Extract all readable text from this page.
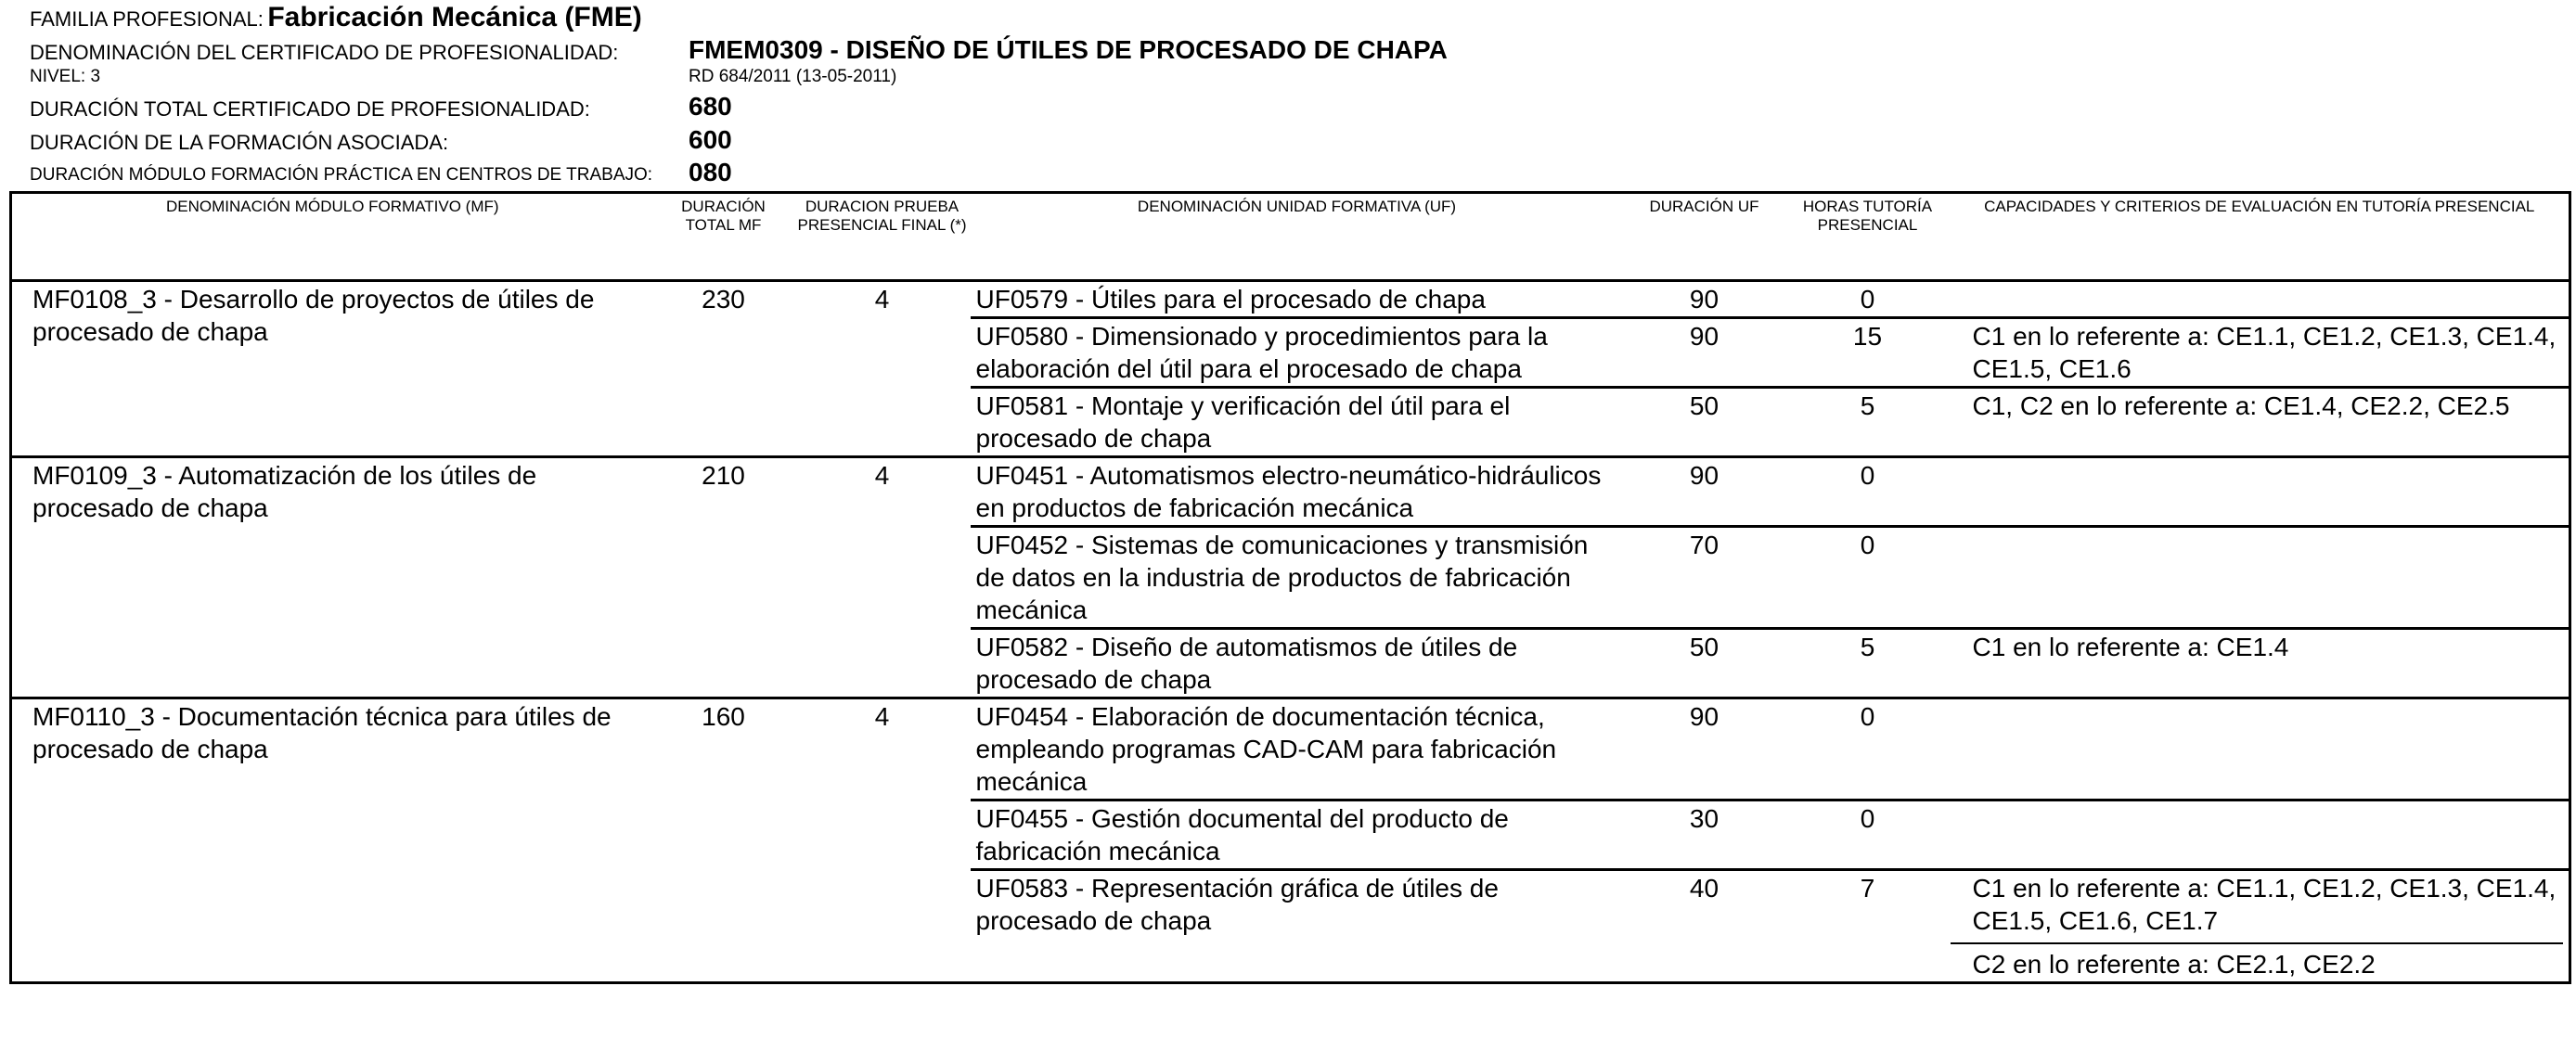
FAMILIA PROFESIONAL: Fabricación Mecánica (FME)
DENOMINACIÓN DEL CERTIFICADO DE PROFESIONALIDAD:	FMEM0309 - DISEÑO DE ÚTILES DE PROCESADO DE CHAPA
NIVEL: 3	RD 684/2011 (13-05-2011)
DURACIÓN TOTAL CERTIFICADO DE PROFESIONALIDAD:	680
DURACIÓN DE LA FORMACIÓN ASOCIADA:	600
DURACIÓN MÓDULO FORMACIÓN PRÁCTICA EN CENTROS DE TRABAJO: 080
DENOMINACIÓN MÓDULO FORMATIVO (MF)	DURACIÓN TOTAL MF	DURACION PRUEBA PRESENCIAL FINAL (*)	DENOMINACIÓN UNIDAD FORMATIVA (UF)	DURACIÓN UF	HORAS TUTORÍA PRESENCIAL	CAPACIDADES Y CRITERIOS DE EVALUACIÓN EN TUTORÍA PRESENCIAL
MF0108_3 - Desarrollo de proyectos de útiles de procesado de chapa	230	4	UF0579 - Útiles para el procesado de chapa	90	0	
			UF0580 - Dimensionado y procedimientos para la elaboración del útil para el procesado de chapa	90	15	C1 en lo referente a: CE1.1, CE1.2, CE1.3, CE1.4, CE1.5, CE1.6

			UF0581 - Montaje y verificación del útil para el procesado de chapa	50	5	C1, C2 en lo referente a: CE1.4, CE2.2, CE2.5

MF0109_3 - Automatización de los útiles de procesado de chapa	210	4	UF0451 - Automatismos electro-neumático-hidráulicos en productos de fabricación mecánica	90	0	
			UF0452 - Sistemas de comunicaciones y transmisión de datos en la industria de productos de fabricación mecánica	70	0	
			UF0582 - Diseño de automatismos de útiles de procesado de chapa	50	5	C1 en lo referente a: CE1.4

MF0110_3 - Documentación técnica para útiles de procesado de chapa	160	4	UF0454 - Elaboración de documentación técnica, empleando programas CAD-CAM para fabricación mecánica	90	0	
			UF0455 - Gestión documental del producto de fabricación mecánica	30	0	
			UF0583 - Representación gráfica de útiles de procesado de chapa	40	7	C1 en lo referente a: CE1.1, CE1.2, CE1.3, CE1.4, CE1.5, CE1.6, CE1.7
C2 en lo referente a: CE2.1, CE2.2
